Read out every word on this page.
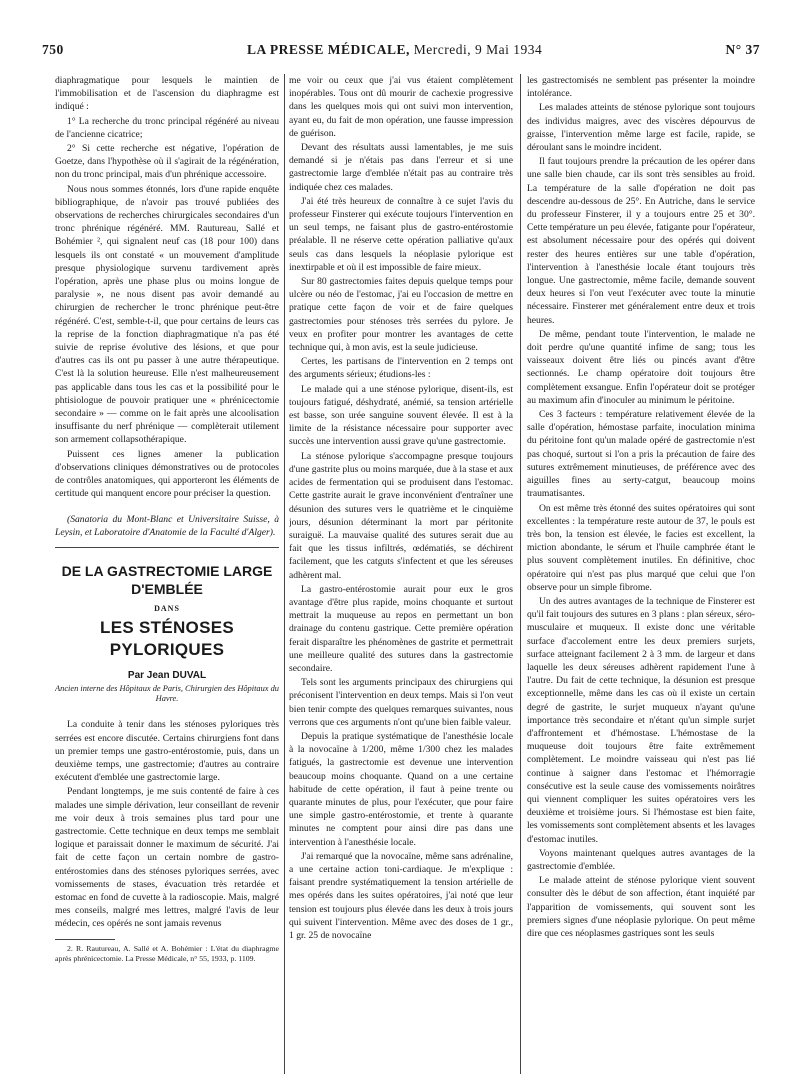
750	LA PRESSE MÉDICALE, Mercredi, 9 Mai 1934	N° 37

diaphragmatique pour lesquels le maintien de l'immobilisation et de l'ascension du diaphragme est indiqué :

1° La recherche du tronc principal régénéré au niveau de l'ancienne cicatrice;

2° Si cette recherche est négative, l'opération de Goetze, dans l'hypothèse où il s'agirait de la régénération, non du tronc principal, mais d'un phrénique accessoire.

Nous nous sommes étonnés, lors d'une rapide enquête bibliographique, de n'avoir pas trouvé publiées des observations de recherches chirurgicales secondaires d'un tronc phrénique régénéré. MM. Rautureau, Sallé et Bohémier ², qui signalent neuf cas (18 pour 100) dans lesquels ils ont constaté « un mouvement d'amplitude presque physiologique survenu tardivement après l'opération, après une phase plus ou moins longue de paralysie », ne nous disent pas avoir demandé au chirurgien de rechercher le tronc phrénique peut-être régénéré. C'est, semble-t-il, que pour certains de leurs cas la reprise de la fonction diaphragmatique n'a pas été suivie de reprise évolutive des lésions, et que pour d'autres cas ils ont pu passer à une autre thérapeutique. C'est là la solution heureuse. Elle n'est malheureusement pas applicable dans tous les cas et la possibilité pour le phtisiologue de pouvoir pratiquer une « phrénicectomie secondaire » — comme on le fait après une alcoolisation insuffisante du nerf phrénique — complèterait utilement son armement collapsothérapique.

Puissent ces lignes amener la publication d'observations cliniques démonstratives ou de protocoles de contrôles anatomiques, qui apporteront les éléments de certitude qui manquent encore pour préciser la question.

(Sanatoria du Mont-Blanc et Universitaire Suisse, à Leysin, et Laboratoire d'Anatomie de la Faculté d'Alger).

DE LA GASTRECTOMIE LARGE D'EMBLÉE
DANS
LES STÉNOSES PYLORIQUES
Par Jean DUVAL
Ancien interne des Hôpitaux de Paris, Chirurgien des Hôpitaux du Havre.

La conduite à tenir dans les sténoses pyloriques très serrées est encore discutée. Certains chirurgiens font dans un premier temps une gastro-entérostomie, puis, dans un deuxième temps, une gastrectomie; d'autres au contraire exécutent d'emblée une gastrectomie large.

Pendant longtemps, je me suis contenté de faire à ces malades une simple dérivation, leur conseillant de revenir me voir deux à trois semaines plus tard pour une gastrectomie. Cette technique en deux temps me semblait logique et paraissait donner le maximum de sécurité. J'ai fait de cette façon un certain nombre de gastro-entérostomies dans des sténoses pyloriques serrées, avec vomissements de stases, évacuation très retardée et estomac en fond de cuvette à la radioscopie. Mais, malgré mes conseils, malgré mes lettres, malgré l'avis de leur médecin, ces opérés ne sont jamais revenus

2. R. Rautureau, A. Sallé et A. Bohémier : L'état du diaphragme après phrénicectomie. La Presse Médicale, n° 55, 1933, p. 1109.

me voir ou ceux que j'ai vus étaient complètement inopérables. Tous ont dû mourir de cachexie progressive dans les quelques mois qui ont suivi mon intervention, ayant eu, du fait de mon opération, une fausse impression de guérison.

Devant des résultats aussi lamentables, je me suis demandé si je n'étais pas dans l'erreur et si une gastrectomie large d'emblée n'était pas au contraire très indiquée chez ces malades.

J'ai été très heureux de connaître à ce sujet l'avis du professeur Finsterer qui exécute toujours l'intervention en un seul temps, ne faisant plus de gastro-entérostomie préalable. Il ne réserve cette opération palliative qu'aux seuls cas dans lesquels la néoplasie pylorique est inextirpable et où il est impossible de faire mieux.

Sur 80 gastrectomies faites depuis quelque temps pour ulcère ou néo de l'estomac, j'ai eu l'occasion de mettre en pratique cette façon de voir et de faire quelques gastrectomies pour sténoses très serrées du pylore. Je veux en profiter pour montrer les avantages de cette technique qui, à mon avis, est la seule judicieuse.

Certes, les partisans de l'intervention en 2 temps ont des arguments sérieux; étudions-les :

Le malade qui a une sténose pylorique, disent-ils, est toujours fatigué, déshydraté, anémié, sa tension artérielle est basse, son urée sanguine souvent élevée. Il est à la limite de la résistance nécessaire pour supporter avec succès une intervention aussi grave qu'une gastrectomie.

La sténose pylorique s'accompagne presque toujours d'une gastrite plus ou moins marquée, due à la stase et aux acides de fermentation qui se produisent dans l'estomac. Cette gastrite aurait le grave inconvénient d'entraîner une désunion des sutures vers le quatrième et le cinquième jours, désunion déterminant la mort par péritonite suraiguë. La mauvaise qualité des sutures serait due au fait que les tissus infiltrés, œdématiés, se déchirent facilement, que les catguts s'infectent et que les séreuses adhèrent mal.

La gastro-entérostomie aurait pour eux le gros avantage d'être plus rapide, moins choquante et surtout mettrait la muqueuse au repos en permettant un bon drainage du contenu gastrique. Cette première opération ferait disparaître les phénomènes de gastrite et permettrait une meilleure qualité des sutures dans la gastrectomie secondaire.

Tels sont les arguments principaux des chirurgiens qui préconisent l'intervention en deux temps. Mais si l'on veut bien tenir compte des quelques remarques suivantes, nous verrons que ces arguments n'ont qu'une bien faible valeur.

Depuis la pratique systématique de l'anesthésie locale à la novocaïne à 1/200, même 1/300 chez les malades fatigués, la gastrectomie est devenue une intervention beaucoup moins choquante. Quand on a une certaine habitude de cette opération, il faut à peine trente ou quarante minutes de plus, pour l'exécuter, que pour faire une simple gastro-entérostomie, et trente à quarante minutes ne comptent pour ainsi dire pas dans une intervention à l'anesthésie locale.

J'ai remarqué que la novocaïne, même sans adrénaline, a une certaine action toni-cardiaque. Je m'explique : faisant prendre systématiquement la tension artérielle de mes opérés dans les suites opératoires, j'ai noté que leur tension est toujours plus élevée dans les deux à trois jours qui suivent l'intervention. Même avec des doses de 1 gr., 1 gr. 25 de novocaïne

les gastrectomisés ne semblent pas présenter la moindre intolérance.

Les malades atteints de sténose pylorique sont toujours des individus maigres, avec des viscères dépourvus de graisse, l'intervention même large est facile, rapide, se déroulant sans le moindre incident.

Il faut toujours prendre la précaution de les opérer dans une salle bien chaude, car ils sont très sensibles au froid. La température de la salle d'opération ne doit pas descendre au-dessous de 25°. En Autriche, dans le service du professeur Finsterer, il y a toujours entre 25 et 30°. Cette température un peu élevée, fatigante pour l'opérateur, est absolument nécessaire pour des opérés qui doivent rester des heures entières sur une table d'opération, l'intervention à l'anesthésie locale étant toujours très longue. Une gastrectomie, même facile, demande souvent deux heures si l'on veut l'exécuter avec toute la minutie nécessaire. Finsterer met généralement entre deux et trois heures.

De même, pendant toute l'intervention, le malade ne doit perdre qu'une quantité infime de sang; tous les vaisseaux doivent être liés ou pincés avant d'être sectionnés. Le champ opératoire doit toujours être complètement exsangue. Enfin l'opérateur doit se protéger au maximum afin d'inoculer au minimum le péritoine.

Ces 3 facteurs : température relativement élevée de la salle d'opération, hémostase parfaite, inoculation minima du péritoine font qu'un malade opéré de gastrectomie n'est pas choqué, surtout si l'on a pris la précaution de faire des sutures extrêmement minutieuses, de préférence avec des aiguilles fines au serty-catgut, beaucoup moins traumatisantes.

On est même très étonné des suites opératoires qui sont excellentes : la température reste autour de 37, le pouls est très bon, la tension est élevée, le facies est excellent, la miction abondante, le sérum et l'huile camphrée étant le plus souvent complètement inutiles. En définitive, choc opératoire qui n'est pas plus marqué que celui que l'on observe pour un simple fibrome.

Un des autres avantages de la technique de Finsterer est qu'il fait toujours des sutures en 3 plans : plan séreux, séro-musculaire et muqueux. Il existe donc une véritable surface d'accolement entre les deux premiers surjets, surface atteignant facilement 2 à 3 mm. de largeur et dans laquelle les deux séreuses adhèrent rapidement l'une à l'autre. Du fait de cette technique, la désunion est presque exceptionnelle, même dans les cas où il existe un certain degré de gastrite, le surjet muqueux n'ayant qu'une importance très secondaire et n'étant qu'un simple surjet d'affrontement et d'hémostase. L'hémostase de la muqueuse doit toujours être faite extrêmement complètement. Le moindre vaisseau qui n'est pas lié continue à saigner dans l'estomac et l'hémorragie consécutive est la seule cause des vomissements noirâtres qui viennent compliquer les suites opératoires vers les deuxième et troisième jours. Si l'hémostase est bien faite, les vomissements sont complètement absents et les lavages d'estomac inutiles.

Voyons maintenant quelques autres avantages de la gastrectomie d'emblée.

Le malade atteint de sténose pylorique vient souvent consulter dès le début de son affection, étant inquiété par l'apparition de vomissements, qui souvent sont les premiers signes d'une néoplasie pylorique. On peut même dire que ces néoplasmes gastriques sont les seuls
